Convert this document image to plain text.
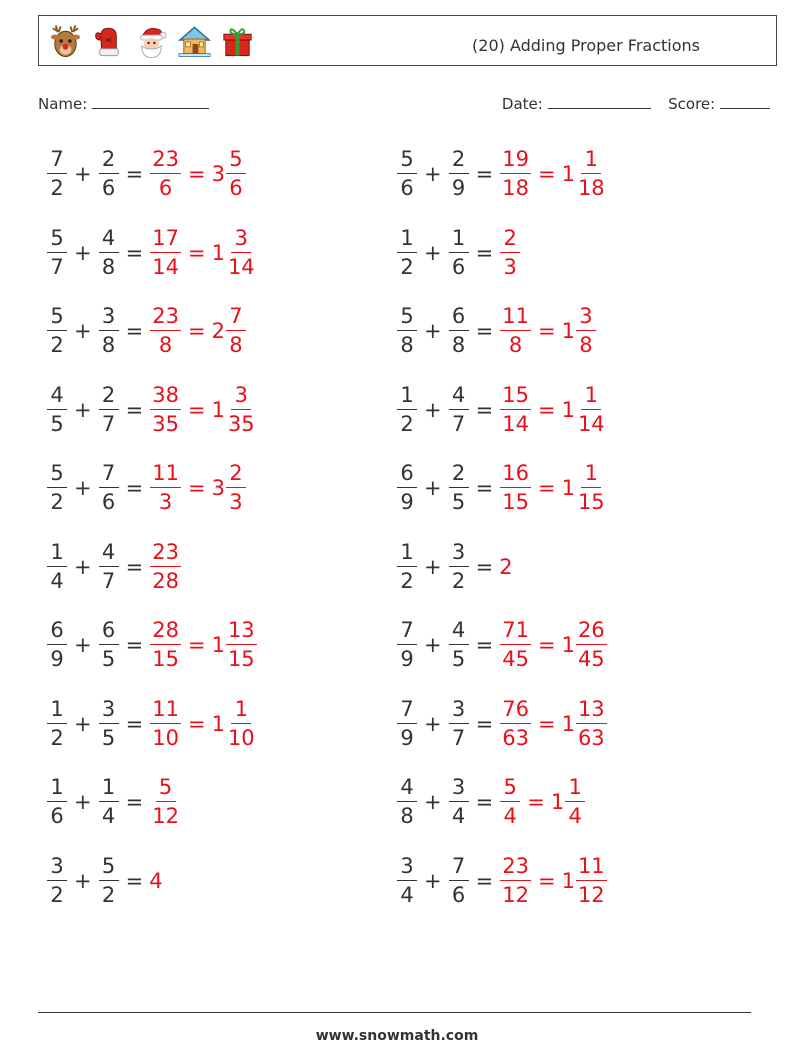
(20) Adding Proper Fractions
Name:	Date:	Score:
$\frac{7}{2} + \frac{2}{6} = \frac{23}{6} = 3 \frac{5}{6}$	$\frac{5}{6} + \frac{2}{9} = \frac{19}{18} = 1 \frac{1}{18}$
$\frac{5}{7} + \frac{4}{8} = \frac{17}{14} = 1 \frac{3}{14}$	$\frac{1}{2} + \frac{1}{6} = \frac{2}{3}$
$\frac{5}{2} + \frac{3}{8} = \frac{23}{8} = 2 \frac{7}{8}$	$\frac{5}{8} + \frac{6}{8} = \frac{11}{8} = 1 \frac{3}{8}$
$\frac{4}{5} + \frac{2}{7} = \frac{38}{35} = 1 \frac{3}{35}$	$\frac{1}{2} + \frac{4}{7} = \frac{15}{14} = 1 \frac{1}{14}$
$\frac{5}{2} + \frac{7}{6} = \frac{11}{3} = 3 \frac{2}{3}$	$\frac{6}{9} + \frac{2}{5} = \frac{16}{15} = 1 \frac{1}{15}$
$\frac{1}{4} + \frac{4}{7} = \frac{23}{28}$	$\frac{1}{2} + \frac{3}{2} = 2$
$\frac{6}{9} + \frac{6}{5} = \frac{28}{15} = 1 \frac{13}{15}$	$\frac{7}{9} + \frac{4}{5} = \frac{71}{45} = 1 \frac{26}{45}$
$\frac{1}{2} + \frac{3}{5} = \frac{11}{10} = 1 \frac{1}{10}$	$\frac{7}{9} + \frac{3}{7} = \frac{76}{63} = 1 \frac{13}{63}$
$\frac{1}{6} + \frac{1}{4} = \frac{5}{12}$	$\frac{4}{8} + \frac{3}{4} = \frac{5}{4} = 1 \frac{1}{4}$
$\frac{3}{2} + \frac{5}{2} = 4$	$\frac{3}{4} + \frac{7}{6} = \frac{23}{12} = 1 \frac{11}{12}$
www.snowmath.com
